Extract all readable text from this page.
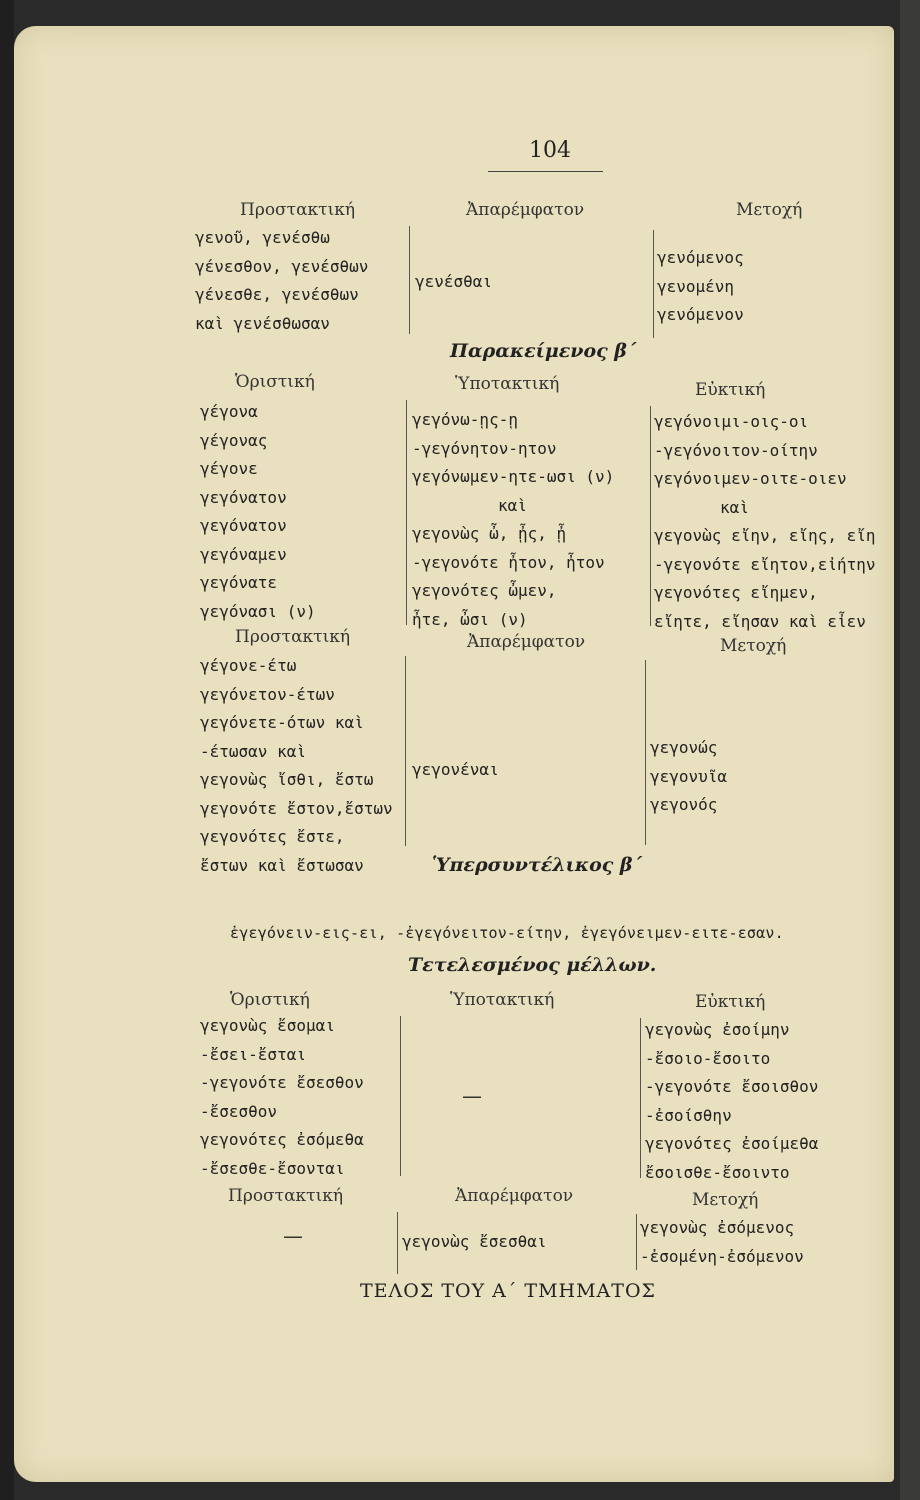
104
Προστακτική
γενοῦ, γενέσθω
γένεσθον, γενέσθων
γένεσθε, γενέσθων
καὶ γενέσθωσαν
Ἀπαρέμφατον
γενέσθαι
Μετοχή
γενόμενος
γενομένη
γενόμενον
Παρακείμενος β΄
Ὁριστική
γέγονα
γέγονας
γέγονε
γεγόνατον
γεγόνατον
γεγόναμεν
γεγόνατε
γεγόνασι (ν)
Ὑποτακτική
γεγόνω-ῃς-ῃ
-γεγόνητον-ητον
γεγόνωμεν-ητε-ωσι (ν)
καὶ
γεγονὼς ὦ, ᾖς, ᾖ
-γεγονότε ἦτον, ἦτον
γεγονότες ὦμεν,
ἦτε, ὦσι (ν)
Εὐκτική
γεγόνοιμι-οις-οι
-γεγόνοιτον-οίτην
γεγόνοιμεν-οιτε-οιεν
καὶ
γεγονὼς εἴην, εἴης, εἴη
-γεγονότε εἴητον,εἰήτην
γεγονότες εἴημεν,
εἴητε, εἴησαν καὶ εἶεν
Προστακτική
γέγονε-έτω
γεγόνετον-έτων
γεγόνετε-ότων καὶ
-έτωσαν καὶ
γεγονὼς ἴσθι, ἔστω
γεγονότε ἔστον,ἔστων
γεγονότες ἔστε,
ἔστων καὶ ἔστωσαν
Ἀπαρέμφατον
γεγονέναι
Μετοχή
γεγονώς
γεγονυῖα
γεγονός
Ὑπερσυντέλικος β΄
ἐγεγόνειν-εις-ει, -ἐγεγόνειτον-είτην, ἐγεγόνειμεν-ειτε-εσαν.
Τετελεσμένος μέλλων.
Ὁριστική
γεγονὼς ἔσομαι
-ἔσει-ἔσται
-γεγονότε ἔσεσθον
-ἔσεσθον
γεγονότες ἐσόμεθα
-ἔσεσθε-ἔσονται
Ὑποτακτική
—
Εὐκτική
γεγονὼς ἐσοίμην
-ἔσοιο-ἔσοιτο
-γεγονότε ἔσοισθον
-ἐσοίσθην
γεγονότες ἐσοίμεθα
ἔσοισθε-ἔσοιντο
Προστακτική
—
Ἀπαρέμφατον
γεγονὼς ἔσεσθαι
Μετοχή
γεγονὼς ἐσόμενος
-ἐσομένη-ἐσόμενον
ΤΕΛΟΣ ΤΟΥ Α΄ ΤΜΗΜΑΤΟΣ
